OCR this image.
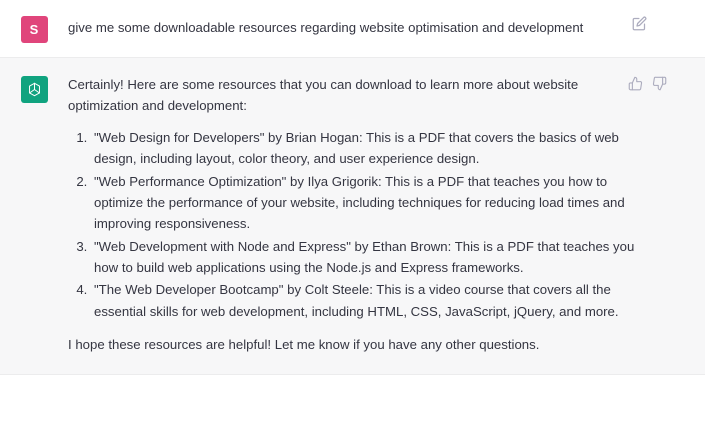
S	give me some downloadable resources regarding website optimisation and development

Certainly! Here are some resources that you can download to learn more about website optimization and development:

1. "Web Design for Developers" by Brian Hogan: This is a PDF that covers the basics of web design, including layout, color theory, and user experience design.
2. "Web Performance Optimization" by Ilya Grigorik: This is a PDF that teaches you how to optimize the performance of your website, including techniques for reducing load times and improving responsiveness.
3. "Web Development with Node and Express" by Ethan Brown: This is a PDF that teaches you how to build web applications using the Node.js and Express frameworks.
4. "The Web Developer Bootcamp" by Colt Steele: This is a video course that covers all the essential skills for web development, including HTML, CSS, JavaScript, jQuery, and more.

I hope these resources are helpful! Let me know if you have any other questions.
